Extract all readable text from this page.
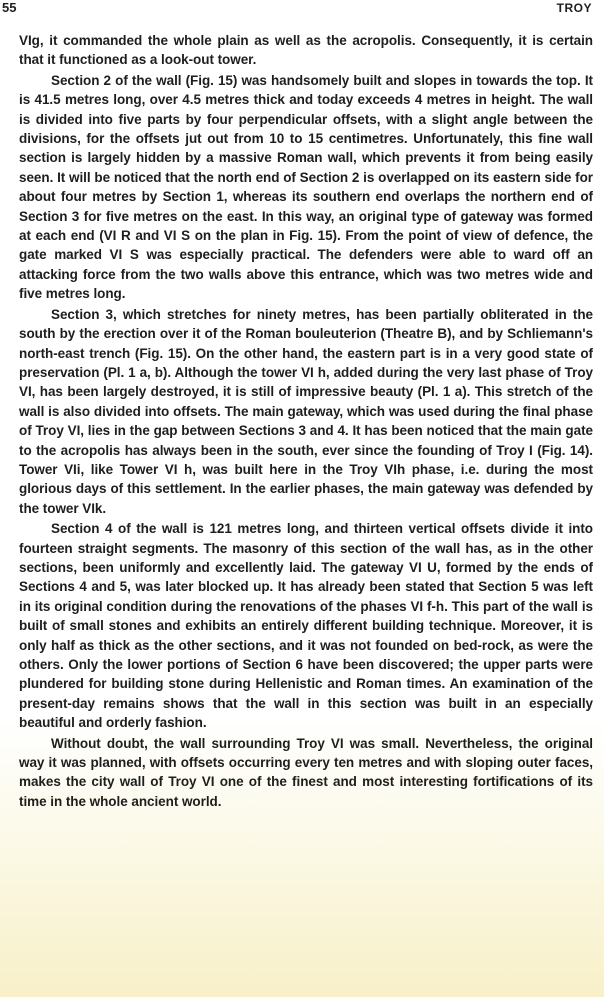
55	TROY

VIg, it commanded the whole plain as well as the acropolis. Consequently, it is certain that it functioned as a look-out tower.

Section 2 of the wall (Fig. 15) was handsomely built and slopes in towards the top. It is 41.5 metres long, over 4.5 metres thick and today exceeds 4 metres in height. The wall is divided into five parts by four perpendicular offsets, with a slight angle between the divisions, for the offsets jut out from 10 to 15 centimetres. Unfortunately, this fine wall section is largely hidden by a massive Roman wall, which prevents it from being easily seen. It will be noticed that the north end of Section 2 is overlapped on its eastern side for about four metres by Section 1, whereas its southern end overlaps the northern end of Section 3 for five metres on the east. In this way, an original type of gateway was formed at each end (VI R and VI S on the plan in Fig. 15). From the point of view of defence, the gate marked VI S was especially practical. The defenders were able to ward off an attacking force from the two walls above this entrance, which was two metres wide and five metres long.

Section 3, which stretches for ninety metres, has been partially obliterated in the south by the erection over it of the Roman bouleuterion (Theatre B), and by Schliemann's north-east trench (Fig. 15). On the other hand, the eastern part is in a very good state of preservation (Pl. 1 a, b). Although the tower VI h, added during the very last phase of Troy VI, has been largely destroyed, it is still of impressive beauty (Pl. 1 a). This stretch of the wall is also divided into offsets. The main gateway, which was used during the final phase of Troy VI, lies in the gap between Sections 3 and 4. It has been noticed that the main gate to the acropolis has always been in the south, ever since the founding of Troy I (Fig. 14). Tower VIi, like Tower VI h, was built here in the Troy VIh phase, i.e. during the most glorious days of this settlement. In the earlier phases, the main gateway was defended by the tower VIk.

Section 4 of the wall is 121 metres long, and thirteen vertical offsets divide it into fourteen straight segments. The masonry of this section of the wall has, as in the other sections, been uniformly and excellently laid. The gateway VI U, formed by the ends of Sections 4 and 5, was later blocked up. It has already been stated that Section 5 was left in its original condition during the renovations of the phases VI f-h. This part of the wall is built of small stones and exhibits an entirely different building technique. Moreover, it is only half as thick as the other sections, and it was not founded on bed-rock, as were the others. Only the lower portions of Section 6 have been discovered; the upper parts were plundered for building stone during Hellenistic and Roman times. An examination of the present-day remains shows that the wall in this section was built in an especially beautiful and orderly fashion.

Without doubt, the wall surrounding Troy VI was small. Nevertheless, the original way it was planned, with offsets occurring every ten metres and with sloping outer faces, makes the city wall of Troy VI one of the finest and most interesting fortifications of its time in the whole ancient world.
